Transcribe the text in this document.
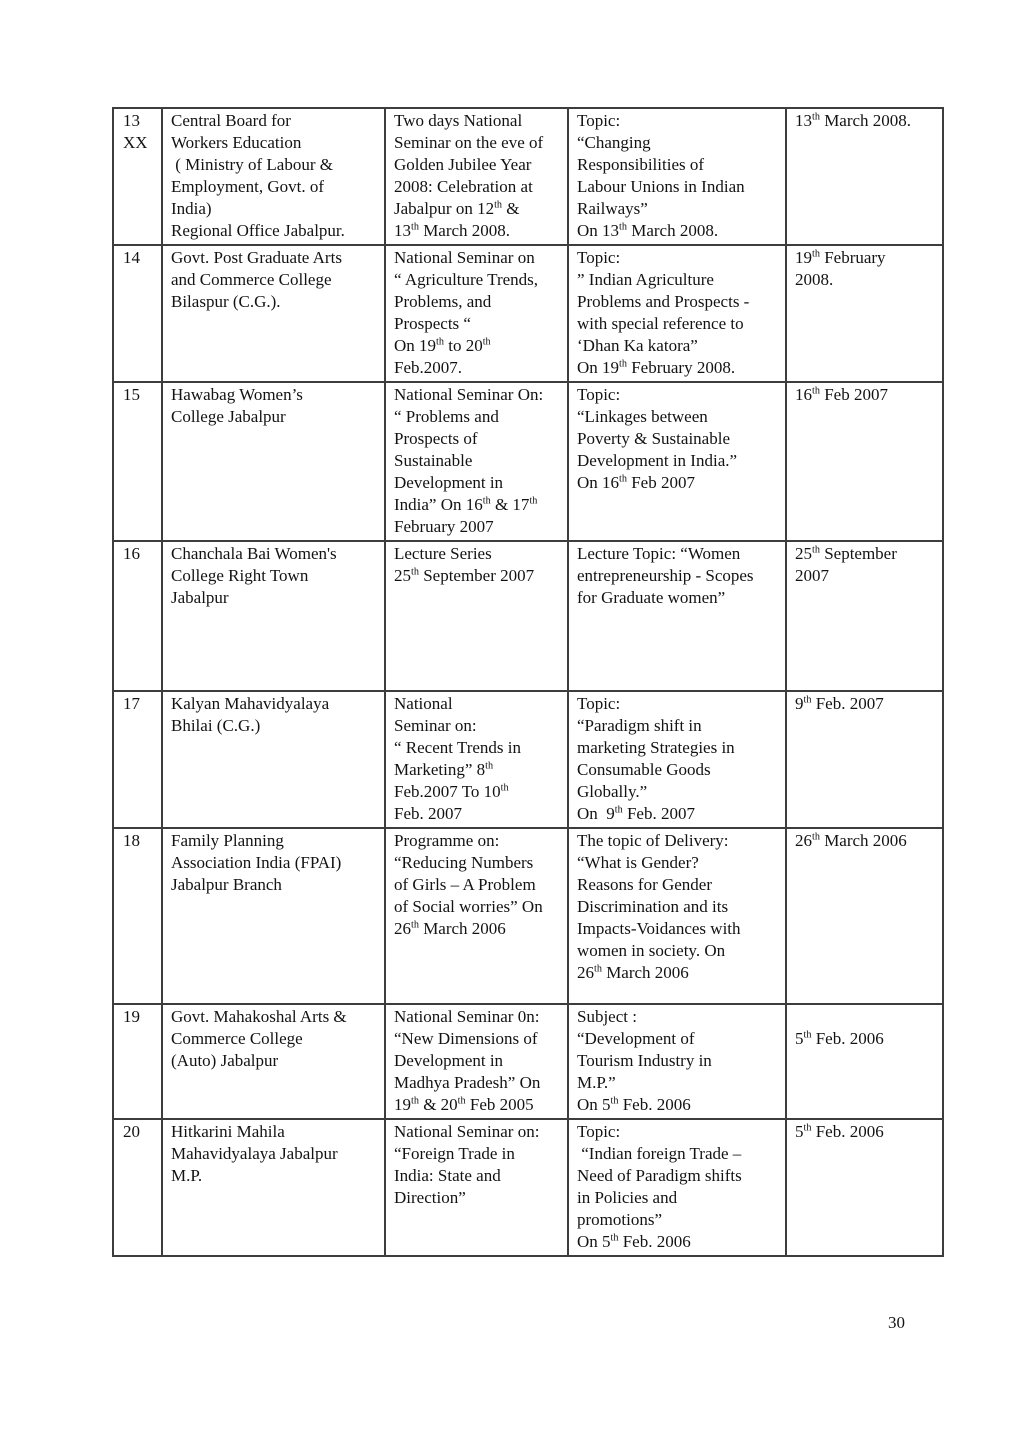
13
XX	Central Board for
Workers Education
( Ministry of Labour &
Employment, Govt. of
India)
Regional Office Jabalpur.	Two days National
Seminar on the eve of
Golden Jubilee Year
2008: Celebration at
Jabalpur on 12th &
13th March 2008.	Topic:
“Changing
Responsibilities of
Labour Unions in Indian
Railways”
On 13th March 2008.	13th March 2008.
14	Govt. Post Graduate Arts
and Commerce College
Bilaspur (C.G.).	National Seminar on
“ Agriculture Trends,
Problems, and
Prospects “
On 19th to 20th
Feb.2007.	Topic:
” Indian Agriculture
Problems and Prospects -
with special reference to
‘Dhan Ka katora”
On 19th February 2008.	19th February
2008.
15	Hawabag Women’s
College Jabalpur	National Seminar On:
“ Problems and
Prospects of
Sustainable
Development in
India” On 16th & 17th
February 2007	Topic:
“Linkages between
Poverty & Sustainable
Development in India.”
On 16th Feb 2007	16th Feb 2007
16	Chanchala Bai Women's
College Right Town
Jabalpur	Lecture Series
25th September 2007	Lecture Topic: “Women
entrepreneurship - Scopes
for Graduate women”	25th September
2007
17	Kalyan Mahavidyalaya
Bhilai (C.G.)	National
Seminar on:
“ Recent Trends in
Marketing” 8th
Feb.2007 To 10th
Feb. 2007	Topic:
“Paradigm shift in
marketing Strategies in
Consumable Goods
Globally.”
On  9th Feb. 2007	9th Feb. 2007
18	Family Planning
Association India (FPAI)
Jabalpur Branch	Programme on:
“Reducing Numbers
of Girls – A Problem
of Social worries” On
26th March 2006	The topic of Delivery:
“What is Gender?
Reasons for Gender
Discrimination and its
Impacts-Voidances with
women in society. On
26th March 2006	26th March 2006
19	Govt. Mahakoshal Arts &
Commerce College
(Auto) Jabalpur	National Seminar 0n:
“New Dimensions of
Development in
Madhya Pradesh” On
19th & 20th Feb 2005	Subject :
“Development of
Tourism Industry in
M.P.”
On 5th Feb. 2006	5th Feb. 2006
20	Hitkarini Mahila
Mahavidyalaya Jabalpur
M.P.	National Seminar on:
“Foreign Trade in
India: State and
Direction”	Topic:
“Indian foreign Trade –
Need of Paradigm shifts
in Policies and
promotions”
On 5th Feb. 2006	5th Feb. 2006
30
